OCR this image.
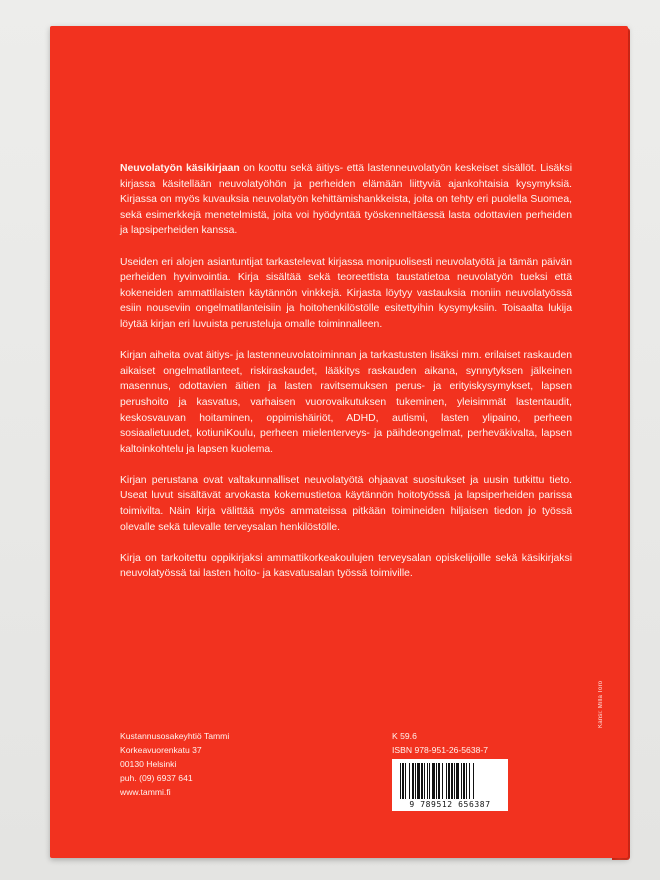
Neuvolatyön käsikirjaan on koottu sekä äitiys- että lastenneuvolatyön keskeiset sisällöt. Lisäksi kirjassa käsitellään neuvolatyöhön ja perheiden elämään liittyviä ajankohtaisia kysymyksiä. Kirjassa on myös kuvauksia neuvolatyön kehittämishankkeista, joita on tehty eri puolella Suomea, sekä esimerkkejä menetelmistä, joita voi hyödyntää työskenneltäessä lasta odottavien perheiden ja lapsiperheiden kanssa.

Useiden eri alojen asiantuntijat tarkastelevat kirjassa monipuolisesti neuvolatyötä ja tämän päivän perheiden hyvinvointia. Kirja sisältää sekä teoreettista taustatietoa neuvolatyön tueksi että kokeneiden ammattilaisten käytännön vinkkejä. Kirjasta löytyy vastauksia moniin neuvolatyössä esiin nouseviin ongelmatilanteisiin ja hoitohenkilöstölle esitettyihin kysymyksiin. Toisaalta lukija löytää kirjan eri luvuista perusteluja omalle toiminnalleen.

Kirjan aiheita ovat äitiys- ja lastenneuvolatoiminnan ja tarkastusten lisäksi mm. erilaiset raskauden aikaiset ongelmatilanteet, riskiraskaudet, lääkitys raskauden aikana, synnytyksen jälkeinen masennus, odottavien äitien ja lasten ravitsemuksen perus- ja erityiskysymykset, lapsen perushoito ja kasvatus, varhaisen vuorovaikutuksen tukeminen, yleisimmät lastentaudit, keskosvauvan hoitaminen, oppimishäiriöt, ADHD, autismi, lasten ylipaino, perheen sosiaalietuudet, kotiuniKoulu, perheen mielenterveys- ja päihdeongelmat, perheväkivalta, lapsen kaltoinkohtelu ja lapsen kuolema.

Kirjan perustana ovat valtakunnalliset neuvolatyötä ohjaavat suositukset ja uusin tutkittu tieto. Useat luvut sisältävät arvokasta kokemustietoa käytännön hoitotyössä ja lapsiperheiden parissa toimivilta. Näin kirja välittää myös ammateissa pitkään toimineiden hiljaisen tiedon jo työssä olevalle sekä tulevalle terveysalan henkilöstölle.

Kirja on tarkoitettu oppikirjaksi ammattikorkeakoulujen terveysalan opiskelijoille sekä käsikirjaksi neuvolatyössä tai lasten hoito- ja kasvatusalan työssä toimiville.

Kustannusosakeyhtiö Tammi
Korkeavuorenkatu 37
00130 Helsinki
puh. (09) 6937 641
www.tammi.fi
K 59.6
ISBN 978-951-26-5638-7
9 789512 656387
Kansi: Milla Toro
